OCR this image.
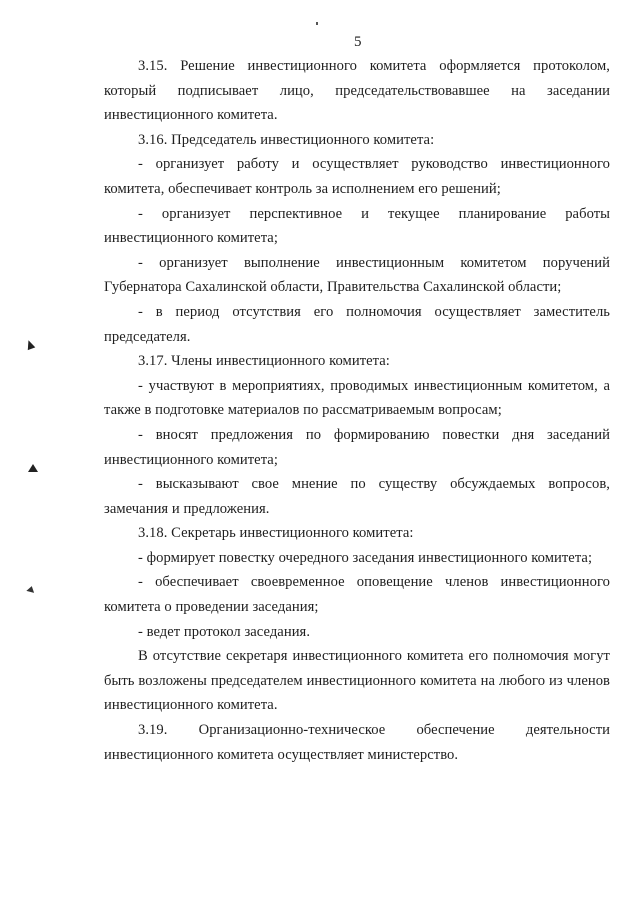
5

3.15. Решение инвестиционного комитета оформляется протоколом, который подписывает лицо, председательствовавшее на заседании инвестиционного комитета.

3.16. Председатель инвестиционного комитета:

- организует работу и осуществляет руководство инвестиционного комитета, обеспечивает контроль за исполнением его решений;

- организует перспективное и текущее планирование работы инвестиционного комитета;

- организует выполнение инвестиционным комитетом поручений Губернатора Сахалинской области, Правительства Сахалинской области;

- в период отсутствия его полномочия осуществляет заместитель председателя.

3.17. Члены инвестиционного комитета:

- участвуют в мероприятиях, проводимых инвестиционным комитетом, а также в подготовке материалов по рассматриваемым вопросам;

- вносят предложения по формированию повестки дня заседаний инвестиционного комитета;

- высказывают свое мнение по существу обсуждаемых вопросов, замечания и предложения.

3.18. Секретарь инвестиционного комитета:

- формирует повестку очередного заседания инвестиционного комитета;

- обеспечивает своевременное оповещение членов инвестиционного комитета о проведении заседания;

- ведет протокол заседания.

В отсутствие секретаря инвестиционного комитета его полномочия могут быть возложены председателем инвестиционного комитета на любого из членов инвестиционного комитета.

3.19. Организационно-техническое обеспечение деятельности инвестиционного комитета осуществляет министерство.
